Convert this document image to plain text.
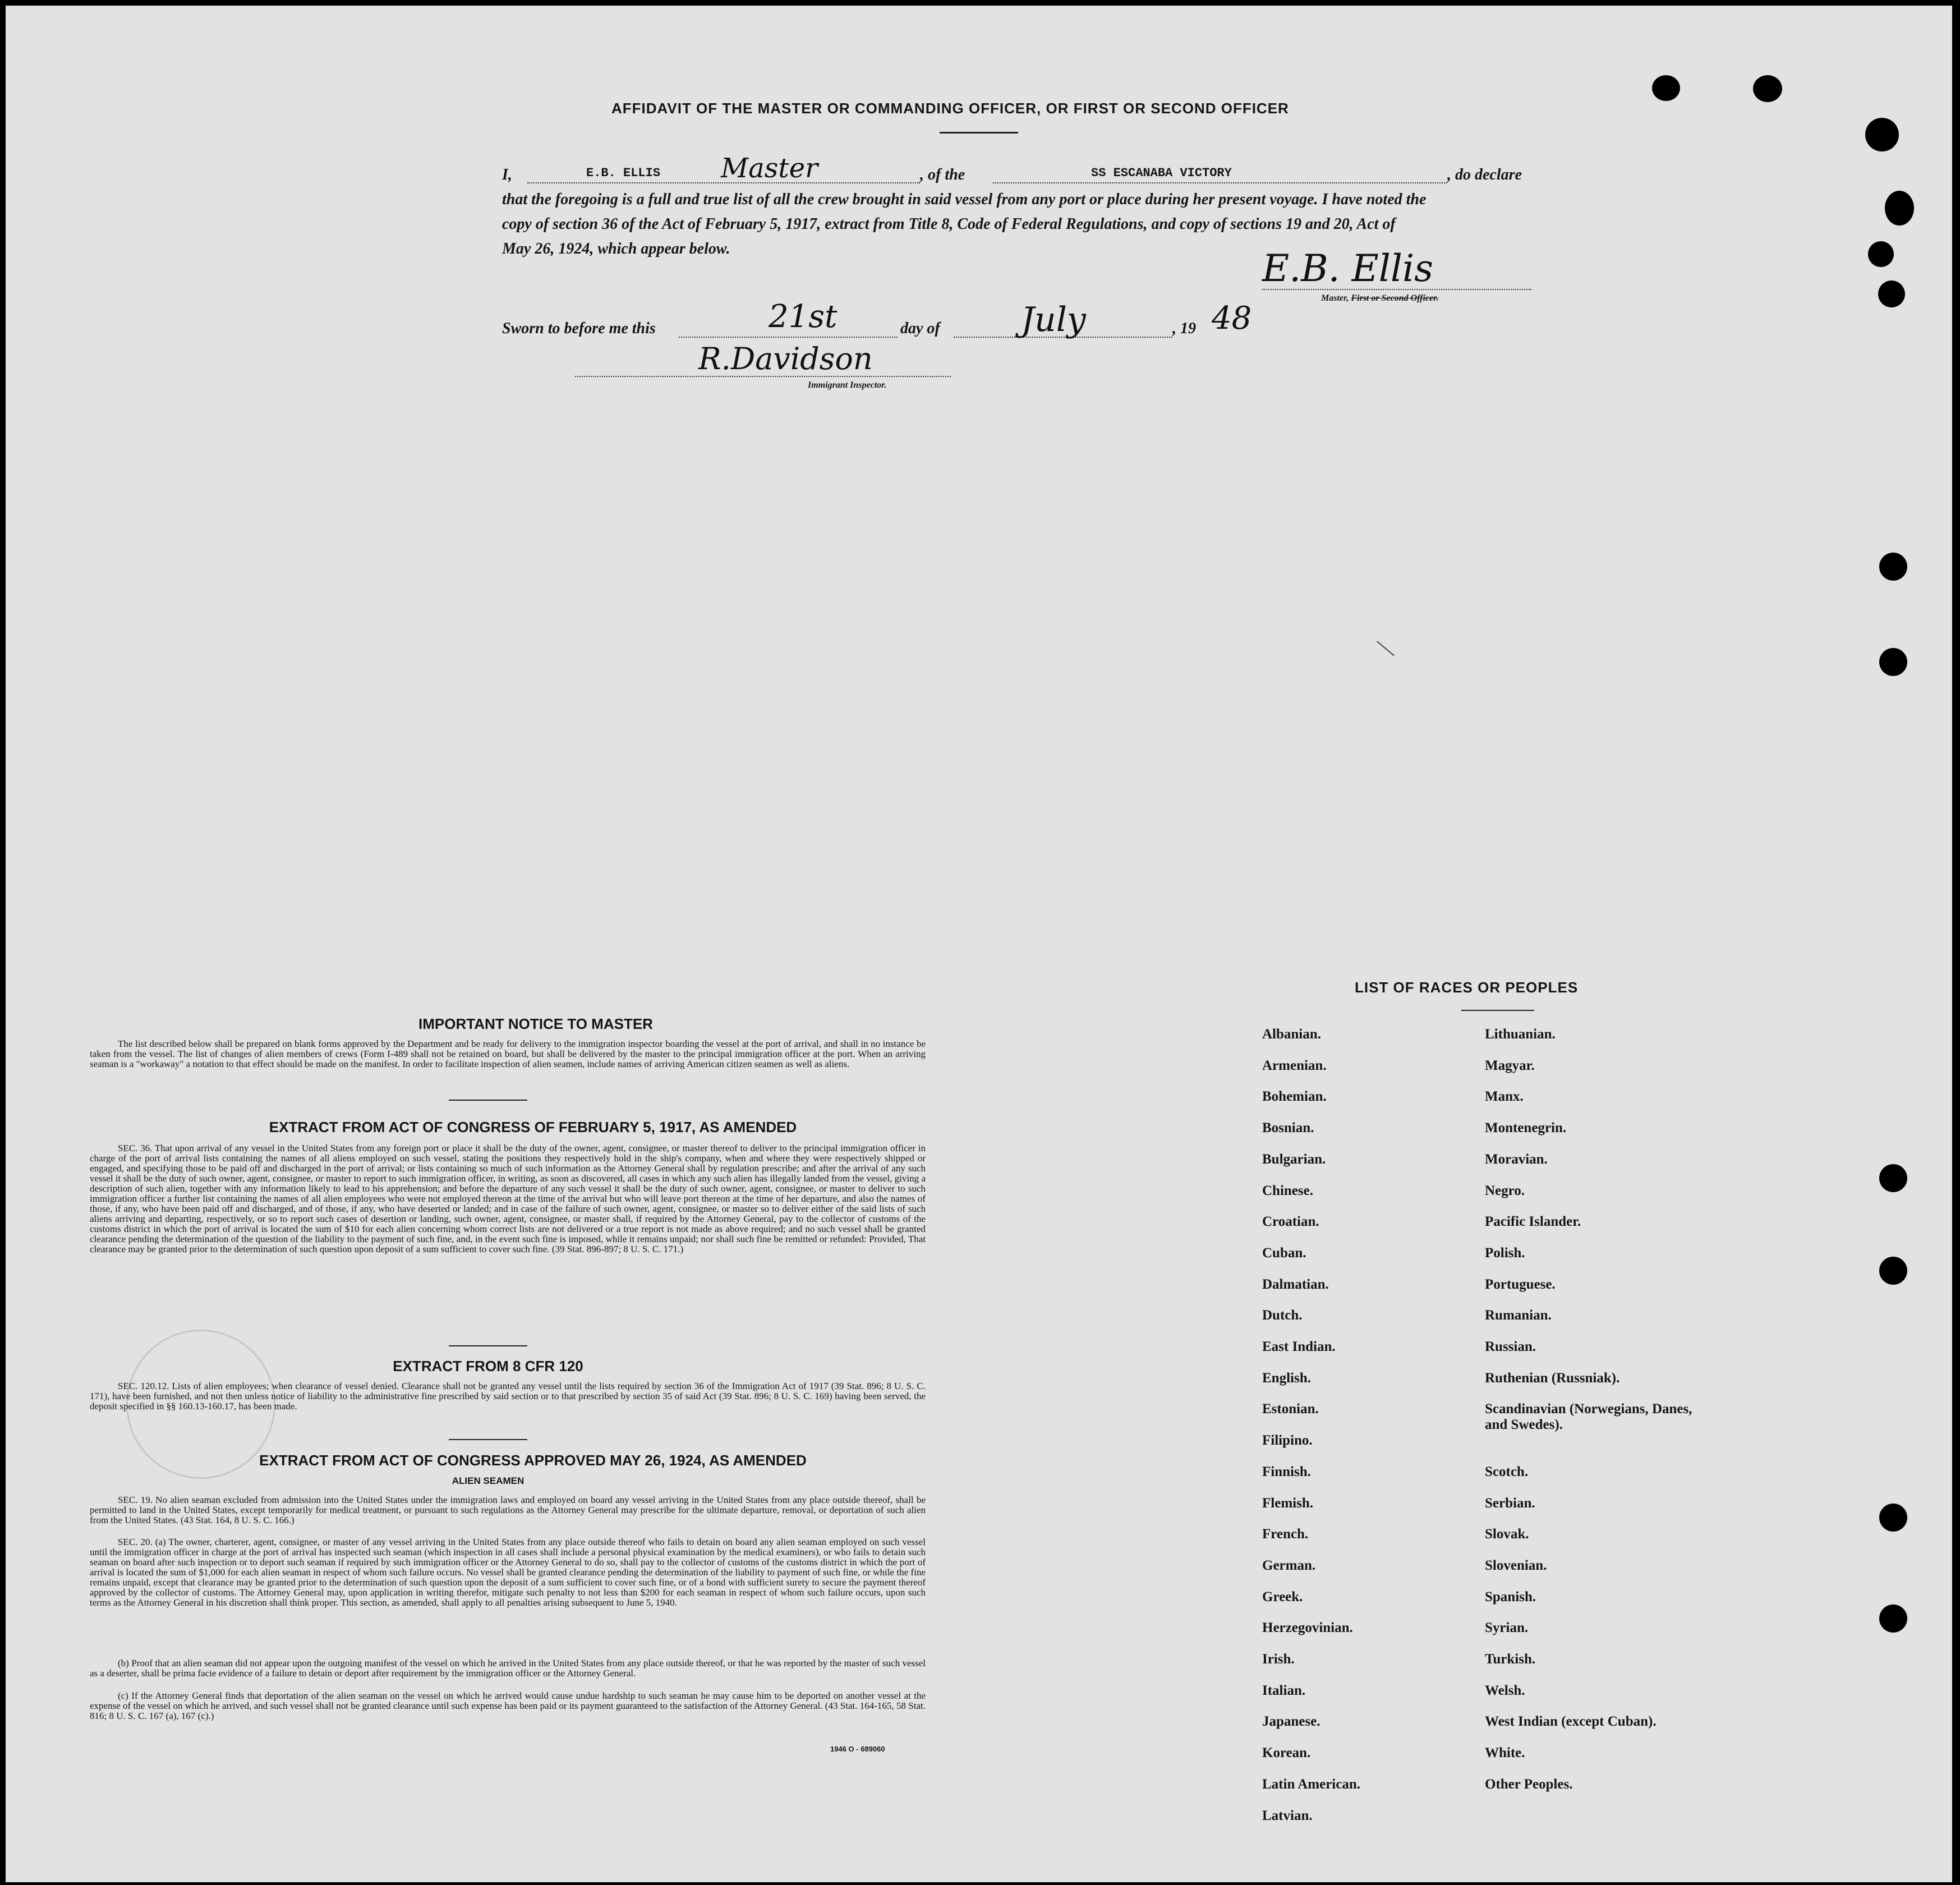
AFFIDAVIT OF THE MASTER OR COMMANDING OFFICER, OR FIRST OR SECOND OFFICER
I,	E.B. ELLIS Master	, of the	SS ESCANABA VICTORY	, do declare
that the foregoing is a full and true list of all the crew brought in said vessel from any port or place during her present voyage. I have noted the
copy of section 36 of the Act of February 5, 1917, extract from Title 8, Code of Federal Regulations, and copy of sections 19 and 20, Act of
May 26, 1924, which appear below.	E.B. Ellis
Master, First or Second Officer.
Sworn to before me this	21st	day of July	, 19 48
R.Davidson
Immigrant Inspector.
IMPORTANT NOTICE TO MASTER
The list described below shall be prepared on blank forms approved by the Department and be ready for delivery to the immigration inspector boarding the vessel at the port of arrival, and shall in no instance be taken from the vessel. The list of changes of alien members of crews (Form I-489 shall not be retained on board, but shall be delivered by the master to the principal immigration officer at the port. When an arriving seaman is a "workaway" a notation to that effect should be made on the manifest. In order to facilitate inspection of alien seamen, include names of arriving American citizen seamen as well as aliens.
EXTRACT FROM ACT OF CONGRESS OF FEBRUARY 5, 1917, AS AMENDED
SEC. 36. That upon arrival of any vessel in the United States from any foreign port or place it shall be the duty of the owner, agent, consignee, or master thereof to deliver to the principal immigration officer in charge of the port of arrival lists containing the names of all aliens employed on such vessel, stating the positions they respectively hold in the ship's company, when and where they were respectively shipped or engaged, and specifying those to be paid off and discharged in the port of arrival; or lists containing so much of such information as the Attorney General shall by regulation prescribe; and after the arrival of any such vessel it shall be the duty of such owner, agent, consignee, or master to report to such immigration officer, in writing, as soon as discovered, all cases in which any such alien has illegally landed from the vessel, giving a description of such alien, together with any information likely to lead to his apprehension; and before the departure of any such vessel it shall be the duty of such owner, agent, consignee, or master to deliver to such immigration officer a further list containing the names of all alien employees who were not employed thereon at the time of the arrival but who will leave port thereon at the time of her departure, and also the names of those, if any, who have been paid off and discharged, and of those, if any, who have deserted or landed; and in case of the failure of such owner, agent, consignee, or master so to deliver either of the said lists of such aliens arriving and departing, respectively, or so to report such cases of desertion or landing, such owner, agent, consignee, or master shall, if required by the Attorney General, pay to the collector of customs of the customs district in which the port of arrival is located the sum of $10 for each alien concerning whom correct lists are not delivered or a true report is not made as above required; and no such vessel shall be granted clearance pending the determination of the question of the liability to the payment of such fine, and, in the event such fine is imposed, while it remains unpaid; nor shall such fine be remitted or refunded: Provided, That clearance may be granted prior to the determination of such question upon deposit of a sum sufficient to cover such fine. (39 Stat. 896-897; 8 U. S. C. 171.)
EXTRACT FROM 8 CFR 120
SEC. 120.12. Lists of alien employees; when clearance of vessel denied. Clearance shall not be granted any vessel until the lists required by section 36 of the Immigration Act of 1917 (39 Stat. 896; 8 U. S. C. 171), have been furnished, and not then unless notice of liability to the administrative fine prescribed by said section or to that prescribed by section 35 of said Act (39 Stat. 896; 8 U. S. C. 169) having been served, the deposit specified in §§ 160.13-160.17, has been made.
EXTRACT FROM ACT OF CONGRESS APPROVED MAY 26, 1924, AS AMENDED
ALIEN SEAMEN
SEC. 19. No alien seaman excluded from admission into the United States under the immigration laws and employed on board any vessel arriving in the United States from any place outside thereof, shall be permitted to land in the United States, except temporarily for medical treatment, or pursuant to such regulations as the Attorney General may prescribe for the ultimate departure, removal, or deportation of such alien from the United States. (43 Stat. 164, 8 U. S. C. 166.)
SEC. 20. (a) The owner, charterer, agent, consignee, or master of any vessel arriving in the United States from any place outside thereof who fails to detain on board any alien seaman employed on such vessel until the immigration officer in charge at the port of arrival has inspected such seaman (which inspection in all cases shall include a personal physical examination by the medical examiners), or who fails to detain such seaman on board after such inspection or to deport such seaman if required by such immigration officer or the Attorney General to do so, shall pay to the collector of customs of the customs district in which the port of arrival is located the sum of $1,000 for each alien seaman in respect of whom such failure occurs. No vessel shall be granted clearance pending the determination of the liability to payment of such fine, or while the fine remains unpaid, except that clearance may be granted prior to the determination of such question upon the deposit of a sum sufficient to cover such fine, or of a bond with sufficient surety to secure the payment thereof approved by the collector of customs. The Attorney General may, upon application in writing therefor, mitigate such penalty to not less than $200 for each seaman in respect of whom such failure occurs, upon such terms as the Attorney General in his discretion shall think proper. This section, as amended, shall apply to all penalties arising subsequent to June 5, 1940.
(b) Proof that an alien seaman did not appear upon the outgoing manifest of the vessel on which he arrived in the United States from any place outside thereof, or that he was reported by the master of such vessel as a deserter, shall be prima facie evidence of a failure to detain or deport after requirement by the immigration officer or the Attorney General.
(c) If the Attorney General finds that deportation of the alien seaman on the vessel on which he arrived would cause undue hardship to such seaman he may cause him to be deported on another vessel at the expense of the vessel on which he arrived, and such vessel shall not be granted clearance until such expense has been paid or its payment guaranteed to the satisfaction of the Attorney General. (43 Stat. 164-165, 58 Stat. 816; 8 U. S. C. 167 (a), 167 (c).)
1946 O - 689060
LIST OF RACES OR PEOPLES
Albanian.
Armenian.
Bohemian.
Bosnian.
Bulgarian.
Chinese.
Croatian.
Cuban.
Dalmatian.
Dutch.
East Indian.
English.
Estonian.
Filipino.
Finnish.
Flemish.
French.
German.
Greek.
Herzegovinian.
Irish.
Italian.
Japanese.
Korean.
Latin American.
Latvian.
Lithuanian.
Magyar.
Manx.
Montenegrin.
Moravian.
Negro.
Pacific Islander.
Polish.
Portuguese.
Rumanian.
Russian.
Ruthenian (Russniak).
Scandinavian (Norwegians, Danes, and Swedes).
Scotch.
Serbian.
Slovak.
Slovenian.
Spanish.
Syrian.
Turkish.
Welsh.
West Indian (except Cuban).
White.
Other Peoples.
